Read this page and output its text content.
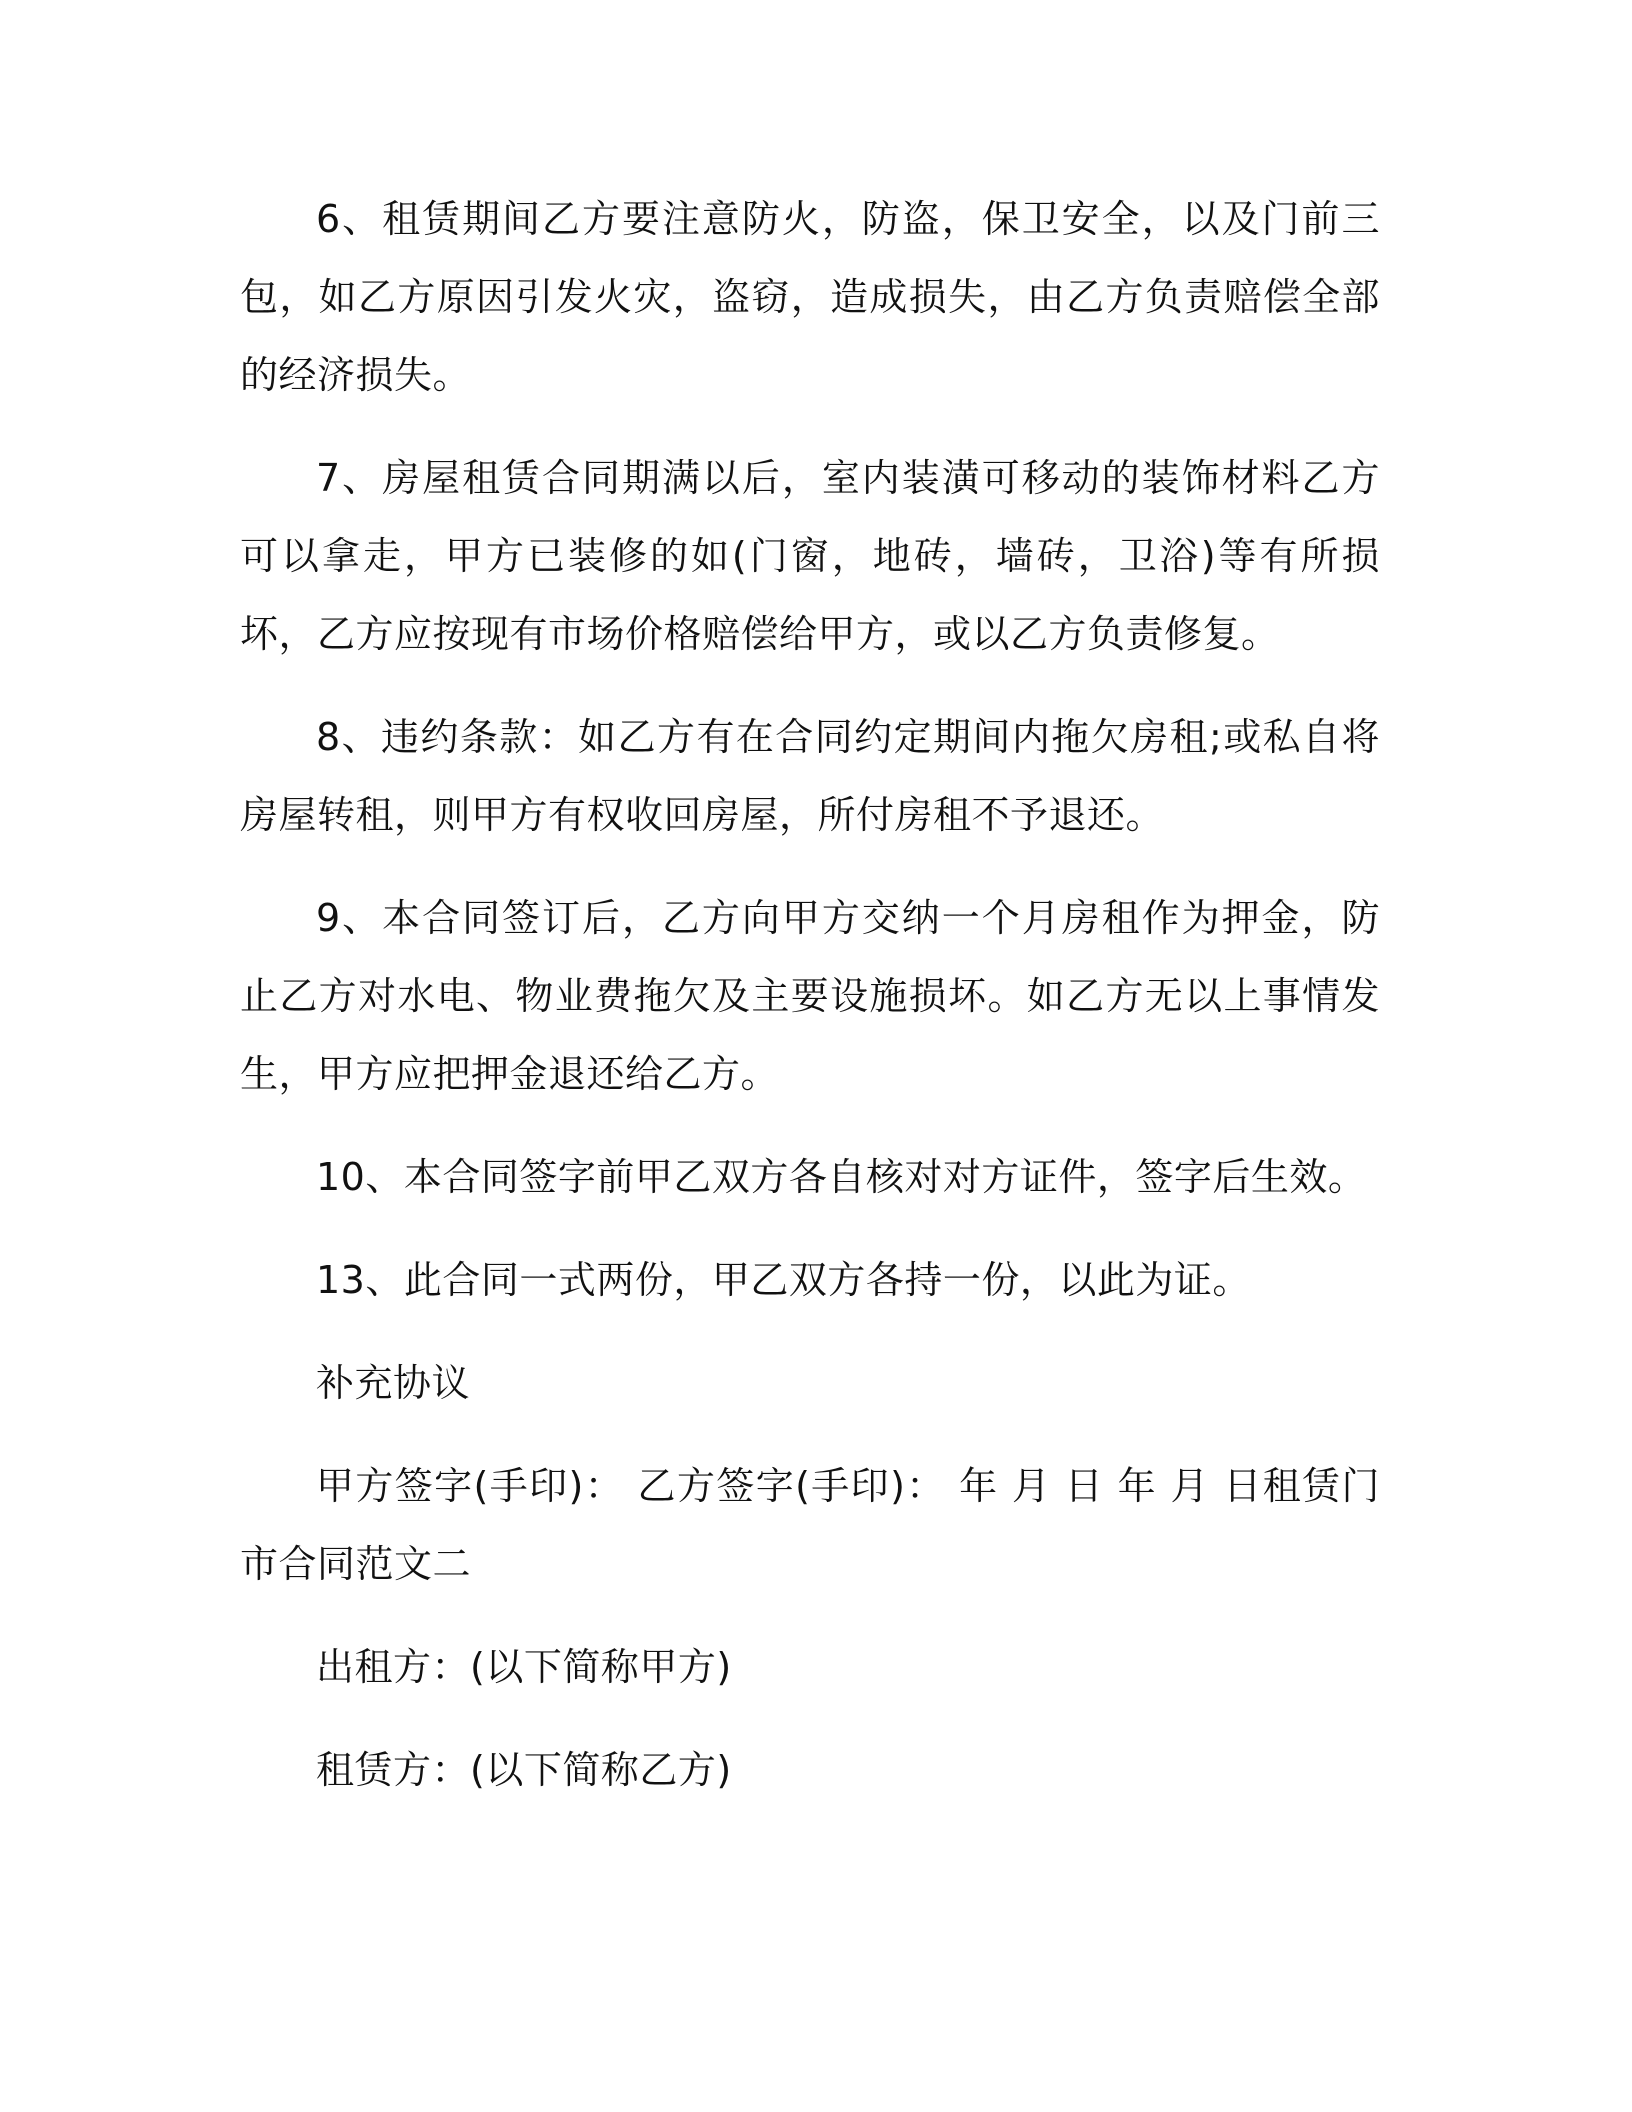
6、租赁期间乙方要注意防火，防盗，保卫安全，以及门前三包，如乙方原因引发火灾，盗窃，造成损失，由乙方负责赔偿全部的经济损失。

7、房屋租赁合同期满以后，室内装潢可移动的装饰材料乙方可以拿走，甲方已装修的如(门窗，地砖，墙砖，卫浴)等有所损坏，乙方应按现有市场价格赔偿给甲方，或以乙方负责修复。

8、违约条款：如乙方有在合同约定期间内拖欠房租;或私自将房屋转租，则甲方有权收回房屋，所付房租不予退还。

9、本合同签订后，乙方向甲方交纳一个月房租作为押金，防止乙方对水电、物业费拖欠及主要设施损坏。如乙方无以上事情发生，甲方应把押金退还给乙方。

10、本合同签字前甲乙双方各自核对对方证件，签字后生效。

13、此合同一式两份，甲乙双方各持一份，以此为证。

补充协议

甲方签字(手印)： 乙方签字(手印)： 年 月 日 年 月 日租赁门市合同范文二

出租方：(以下简称甲方)

租赁方：(以下简称乙方)
